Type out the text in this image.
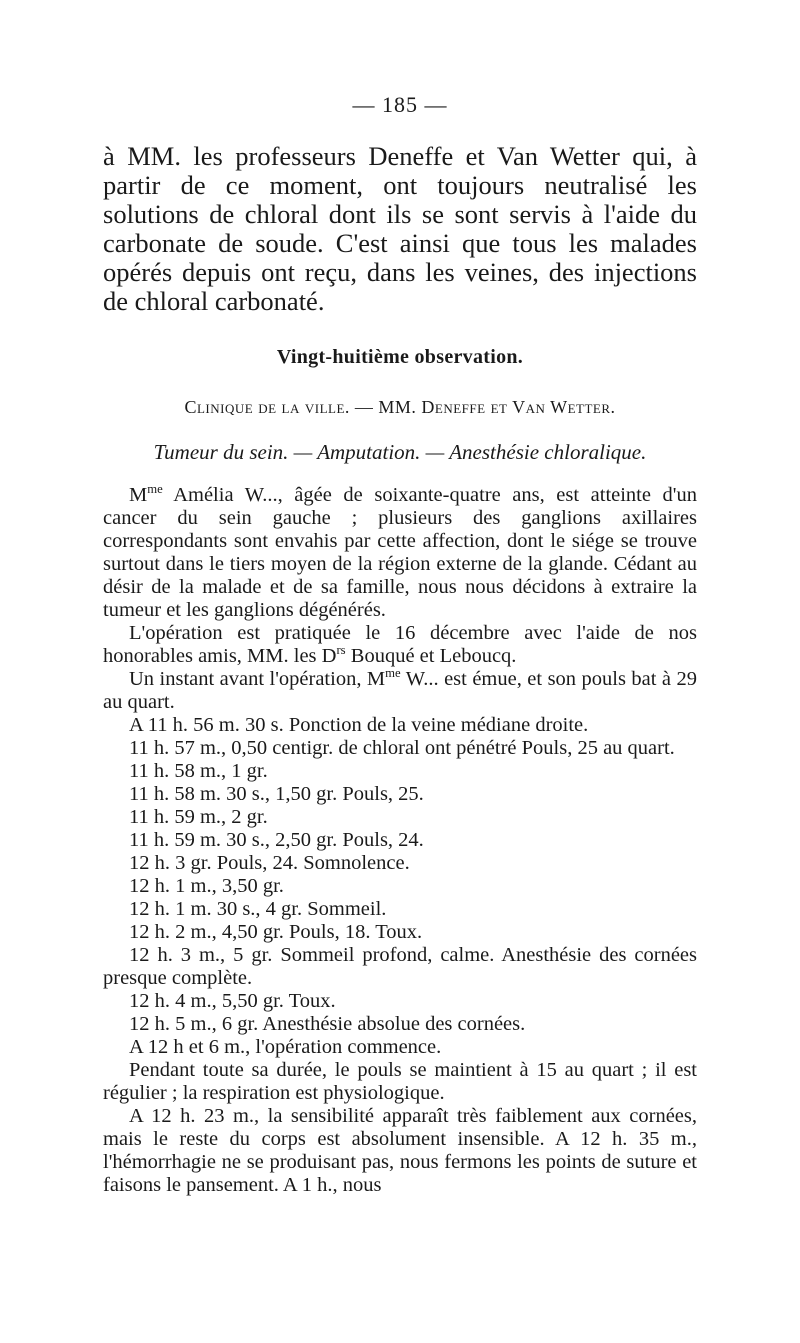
— 185 —

à MM. les professeurs Deneffe et Van Wetter qui, à partir de ce moment, ont toujours neutralisé les solutions de chloral dont ils se sont servis à l'aide du carbonate de soude. C'est ainsi que tous les malades opérés depuis ont reçu, dans les veines, des injections de chloral carbonaté.

Vingt-huitième observation.
Clinique de la ville. — MM. Deneffe et Van Wetter.
Tumeur du sein. — Amputation. — Anesthésie chloralique.

$M^{me}$ Amélia W..., âgée de soixante-quatre ans, est atteinte d'un cancer du sein gauche ; plusieurs des ganglions axillaires correspondants sont envahis par cette affection, dont le siége se trouve surtout dans le tiers moyen de la région externe de la glande. Cédant au désir de la malade et de sa famille, nous nous décidons à extraire la tumeur et les ganglions dégénérés.

L'opération est pratiquée le 16 décembre avec l'aide de nos honorables amis, MM. les $D^{rs}$ Bouqué et Leboucq.

Un instant avant l'opération, $M^{me}$ W... est émue, et son pouls bat à 29 au quart.

A 11 h. 56 m. 30 s. Ponction de la veine médiane droite.

11 h. 57 m., 0,50 centigr. de chloral ont pénétré Pouls, 25 au quart.

11 h. 58 m., 1 gr.

11 h. 58 m. 30 s., 1,50 gr. Pouls, 25.

11 h. 59 m., 2 gr.

11 h. 59 m. 30 s., 2,50 gr. Pouls, 24.

12 h. 3 gr. Pouls, 24. Somnolence.

12 h. 1 m., 3,50 gr.

12 h. 1 m. 30 s., 4 gr. Sommeil.

12 h. 2 m., 4,50 gr. Pouls, 18. Toux.

12 h. 3 m., 5 gr. Sommeil profond, calme. Anesthésie des cornées presque complète.

12 h. 4 m., 5,50 gr. Toux.

12 h. 5 m., 6 gr. Anesthésie absolue des cornées.

A 12 h et 6 m., l'opération commence.

Pendant toute sa durée, le pouls se maintient à 15 au quart ; il est régulier ; la respiration est physiologique.

A 12 h. 23 m., la sensibilité apparaît très faiblement aux cornées, mais le reste du corps est absolument insensible. A 12 h. 35 m., l'hémorrhagie ne se produisant pas, nous fermons les points de suture et faisons le pansement. A 1 h., nous
